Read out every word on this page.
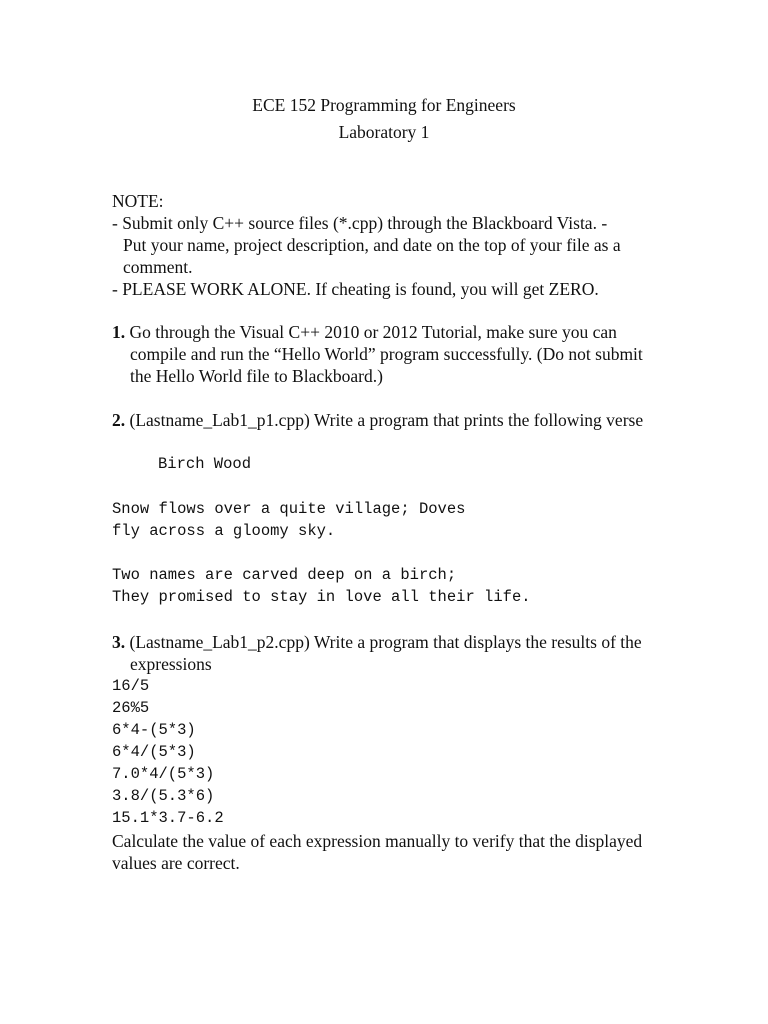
ECE 152 Programming for Engineers
Laboratory 1
NOTE:
- Submit only C++ source files (*.cpp) through the Blackboard Vista. -
Put your name, project description, and date on the top of your file as a
comment.
- PLEASE WORK ALONE. If cheating is found, you will get ZERO.
1. Go through the Visual C++ 2010 or 2012 Tutorial, make sure you can
compile and run the “Hello World” program successfully. (Do not submit
the Hello World file to Blackboard.)
2. (Lastname_Lab1_p1.cpp) Write a program that prints the following verse
Birch Wood
Snow flows over a quite village; Doves
fly across a gloomy sky.
Two names are carved deep on a birch;
They promised to stay in love all their life.
3. (Lastname_Lab1_p2.cpp) Write a program that displays the results of the
expressions
16/5
26%5
6*4-(5*3)
6*4/(5*3)
7.0*4/(5*3)
3.8/(5.3*6)
15.1*3.7-6.2
Calculate the value of each expression manually to verify that the displayed
values are correct.
